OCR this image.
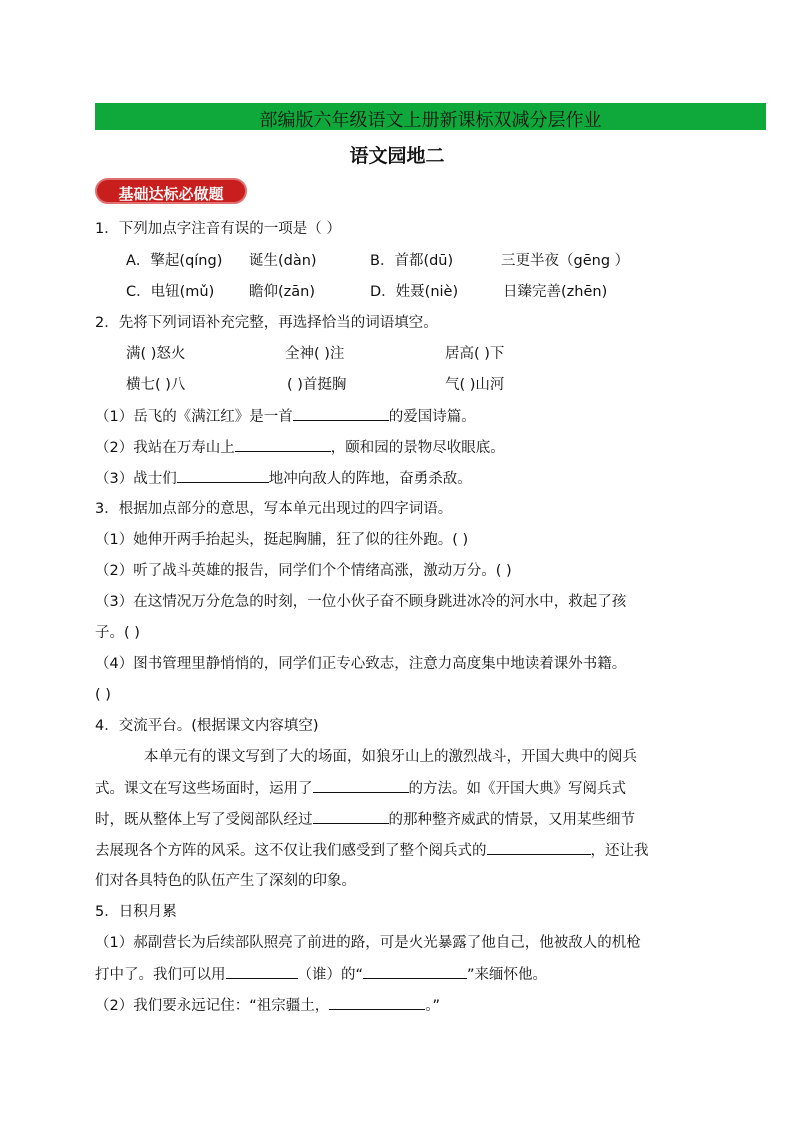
部编版六年级语文上册新课标双减分层作业
语文园地二
基础达标必做题
1．下列加点字注音有误的一项是（ ）
A．擎起(qíng) 诞生(dàn)	B．首都(dū)	三更半夜（gēng ）
C．电钮(mǔ) 瞻仰(zān)	D．姓聂(niè)	日臻完善(zhēn)
2．先将下列词语补充完整，再选择恰当的词语填空。
满( )怒火	全神( )注	居高( )下
横七( )八	( )首挺胸	气( )山河
（1）岳飞的《满江红》是一首	的爱国诗篇。
（2）我站在万寿山上	，颐和园的景物尽收眼底。
（3）战士们	地冲向敌人的阵地，奋勇杀敌。
3．根据加点部分的意思，写本单元出现过的四字词语。
（1）她伸开两手抬起头，挺起胸脯，狂了似的往外跑。( )
（2）听了战斗英雄的报告，同学们个个情绪高涨，激动万分。( )
（3）在这情况万分危急的时刻，一位小伙子奋不顾身跳进冰冷的河水中，救起了孩
子。( )
（4）图书管理里静悄悄的，同学们正专心致志，注意力高度集中地读着课外书籍。
( )
4．交流平台。(根据课文内容填空)
本单元有的课文写到了大的场面，如狼牙山上的激烈战斗，开国大典中的阅兵
式。课文在写这些场面时，运用了	的方法。如《开国大典》写阅兵式
时，既从整体上写了受阅部队经过	的那种整齐威武的情景，又用某些细节
去展现各个方阵的风采。这不仅让我们感受到了整个阅兵式的	，还让我
们对各具特色的队伍产生了深刻的印象。
5．日积月累
（1）郝副营长为后续部队照亮了前进的路，可是火光暴露了他自己，他被敌人的机枪
打中了。我们可以用	（谁）的“	”来缅怀他。
（2）我们要永远记住：“祖宗疆土，	。”
